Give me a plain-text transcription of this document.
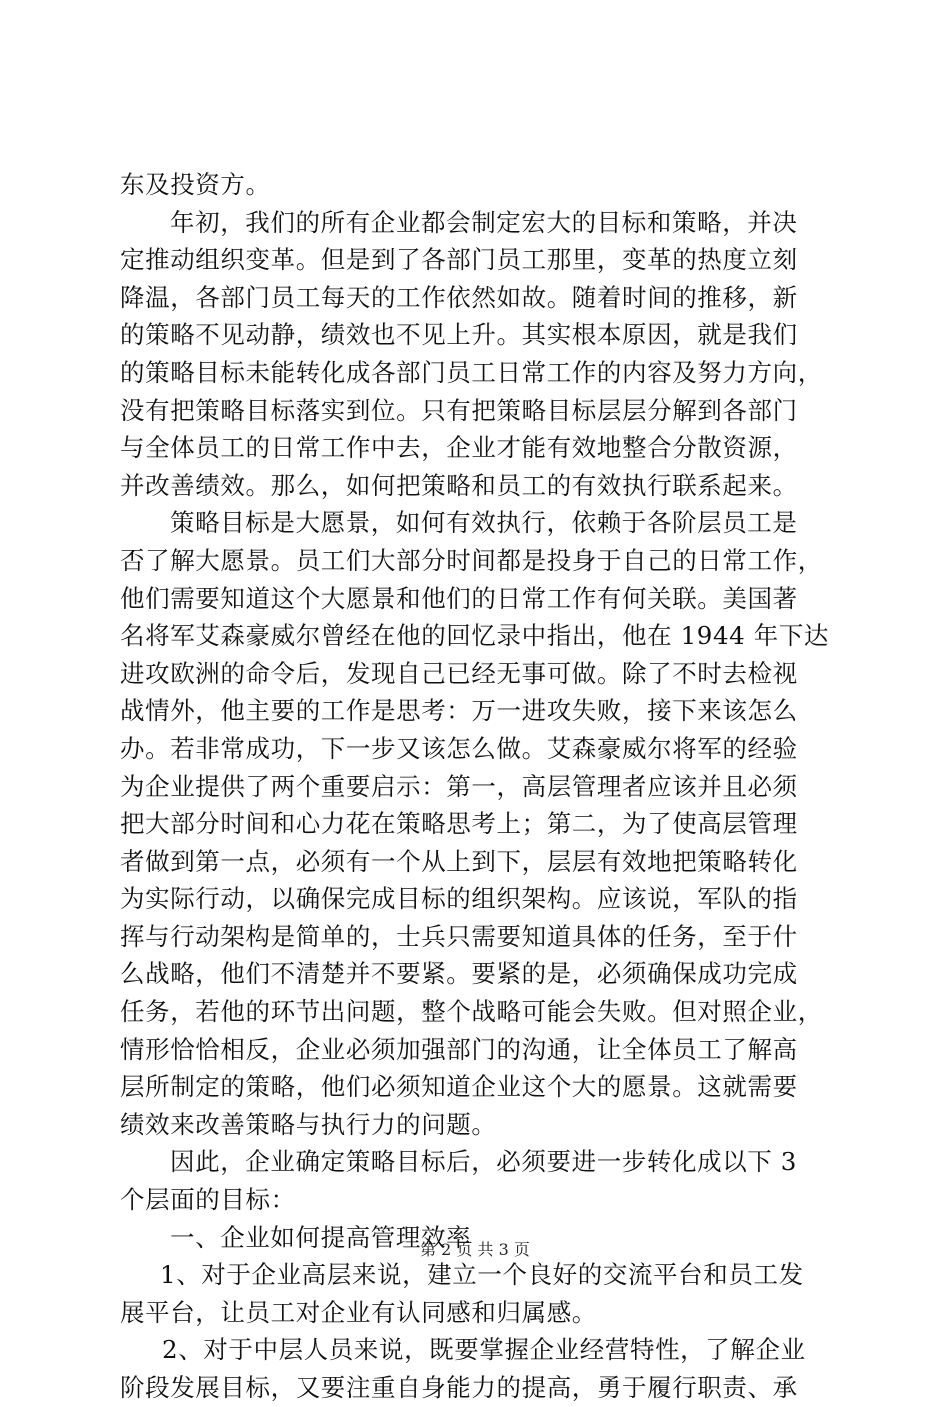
东及投资方。
年初，我们的所有企业都会制定宏大的目标和策略，并决
定推动组织变革。但是到了各部门员工那里，变革的热度立刻
降温，各部门员工每天的工作依然如故。随着时间的推移，新
的策略不见动静，绩效也不见上升。其实根本原因，就是我们
的策略目标未能转化成各部门员工日常工作的内容及努力方向，
没有把策略目标落实到位。只有把策略目标层层分解到各部门
与全体员工的日常工作中去，企业才能有效地整合分散资源，
并改善绩效。那么，如何把策略和员工的有效执行联系起来。
策略目标是大愿景，如何有效执行，依赖于各阶层员工是
否了解大愿景。员工们大部分时间都是投身于自己的日常工作，
他们需要知道这个大愿景和他们的日常工作有何关联。美国著
名将军艾森豪威尔曾经在他的回忆录中指出，他在 1944 年下达
进攻欧洲的命令后，发现自己已经无事可做。除了不时去检视
战情外，他主要的工作是思考：万一进攻失败，接下来该怎么
办。若非常成功，下一步又该怎么做。艾森豪威尔将军的经验
为企业提供了两个重要启示：第一，高层管理者应该并且必须
把大部分时间和心力花在策略思考上；第二，为了使高层管理
者做到第一点，必须有一个从上到下，层层有效地把策略转化
为实际行动，以确保完成目标的组织架构。应该说，军队的指
挥与行动架构是简单的，士兵只需要知道具体的任务，至于什
么战略，他们不清楚并不要紧。要紧的是，必须确保成功完成
任务，若他的环节出问题，整个战略可能会失败。但对照企业，
情形恰恰相反，企业必须加强部门的沟通，让全体员工了解高
层所制定的策略，他们必须知道企业这个大的愿景。这就需要
绩效来改善策略与执行力的问题。
因此，企业确定策略目标后，必须要进一步转化成以下 3
个层面的目标：
一、企业如何提高管理效率
1、对于企业高层来说，建立一个良好的交流平台和员工发
展平台，让员工对企业有认同感和归属感。
2、对于中层人员来说，既要掌握企业经营特性，了解企业
阶段发展目标，又要注重自身能力的提高，勇于履行职责、承
第 2 页 共 3 页
